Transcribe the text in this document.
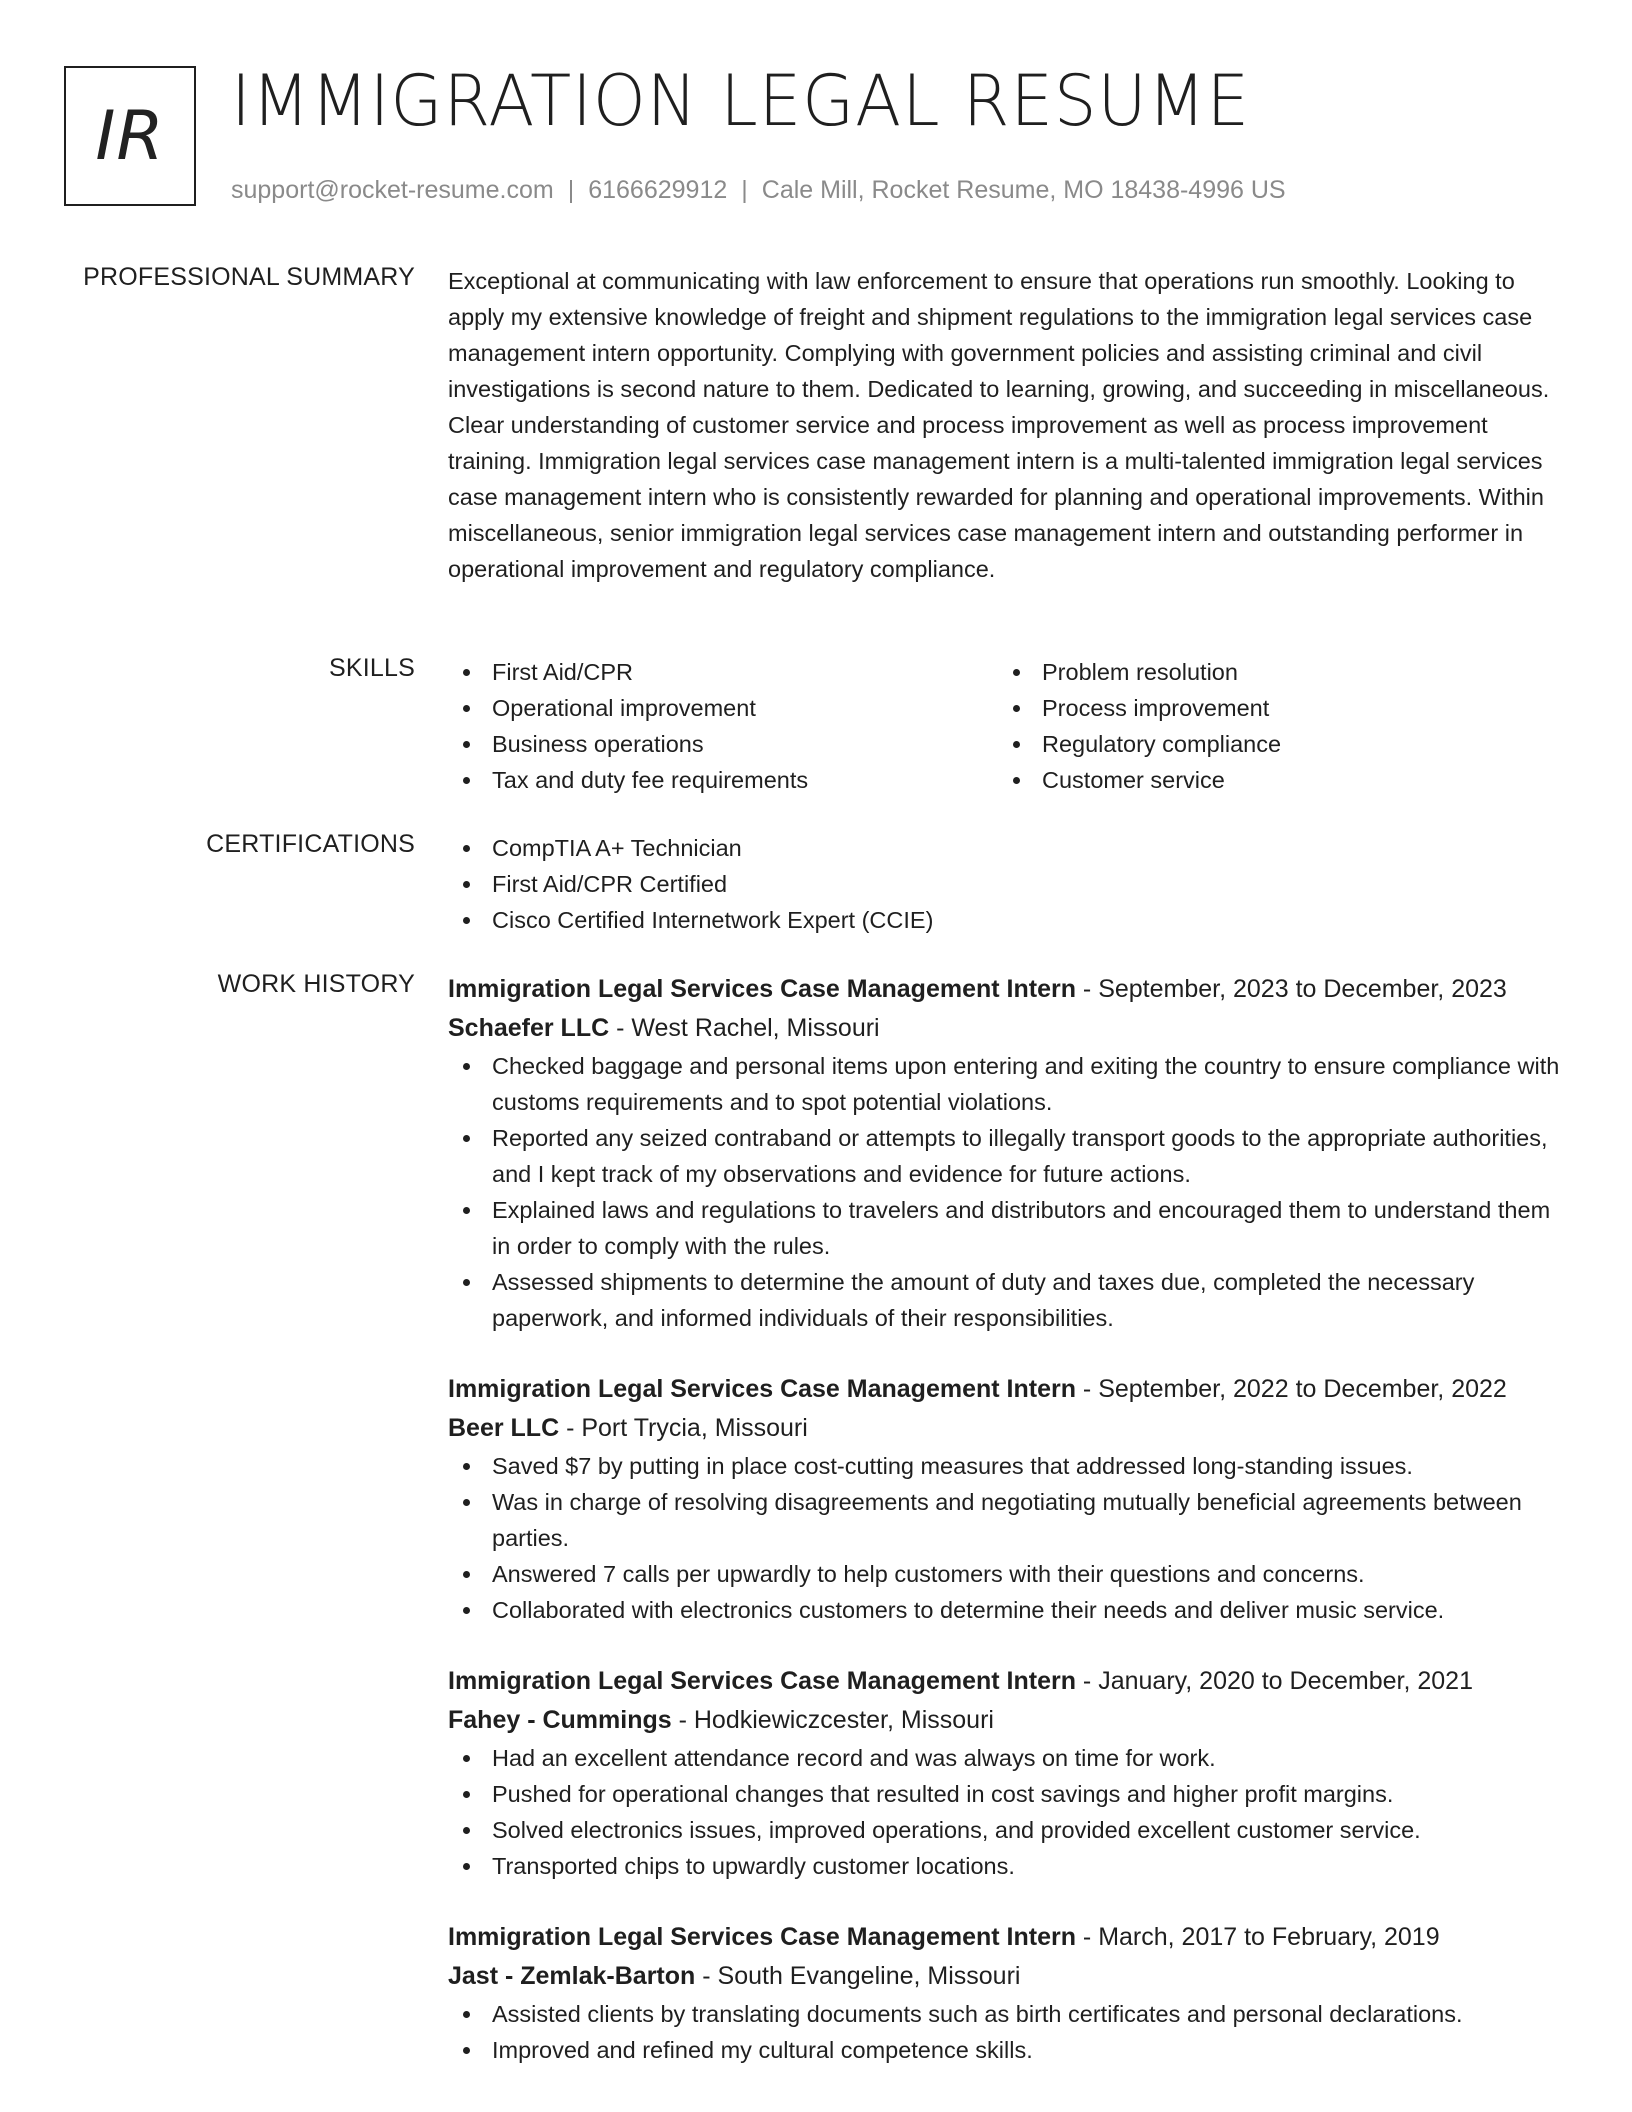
IR IMMIGRATION LEGAL RESUME
support@rocket-resume.com | 6166629912 | Cale Mill, Rocket Resume, MO 18438-4996 US
PROFESSIONAL SUMMARY Exceptional at communicating with law enforcement to ensure that operations run smoothly. Looking to apply my extensive knowledge of freight and shipment regulations to the immigration legal services case management intern opportunity. Complying with government policies and assisting criminal and civil investigations is second nature to them. Dedicated to learning, growing, and succeeding in miscellaneous. Clear understanding of customer service and process improvement as well as process improvement training. Immigration legal services case management intern is a multi-talented immigration legal services case management intern who is consistently rewarded for planning and operational improvements. Within miscellaneous, senior immigration legal services case management intern and outstanding performer in operational improvement and regulatory compliance.

SKILLS	First Aid/CPR
Operational improvement
Business operations
Tax and duty fee requirements
Problem resolution
Process improvement
Regulatory compliance
Customer service
CERTIFICATIONS	CompTIA A+ Technician
First Aid/CPR Certified
Cisco Certified Internetwork Expert (CCIE)
WORK HISTORY Immigration Legal Services Case Management Intern - September, 2023 to December, 2023
Schaefer LLC - West Rachel, Missouri
Checked baggage and personal items upon entering and exiting the country to ensure compliance with customs requirements and to spot potential violations.
Reported any seized contraband or attempts to illegally transport goods to the appropriate authorities, and I kept track of my observations and evidence for future actions.
Explained laws and regulations to travelers and distributors and encouraged them to understand them in order to comply with the rules.
Assessed shipments to determine the amount of duty and taxes due, completed the necessary paperwork, and informed individuals of their responsibilities.
Immigration Legal Services Case Management Intern - September, 2022 to December, 2022
Beer LLC - Port Trycia, Missouri
Saved $7 by putting in place cost-cutting measures that addressed long-standing issues.
Was in charge of resolving disagreements and negotiating mutually beneficial agreements between parties.
Answered 7 calls per upwardly to help customers with their questions and concerns.
Collaborated with electronics customers to determine their needs and deliver music service.
Immigration Legal Services Case Management Intern - January, 2020 to December, 2021
Fahey - Cummings - Hodkiewiczcester, Missouri
Had an excellent attendance record and was always on time for work.
Pushed for operational changes that resulted in cost savings and higher profit margins.
Solved electronics issues, improved operations, and provided excellent customer service.
Transported chips to upwardly customer locations.
Immigration Legal Services Case Management Intern - March, 2017 to February, 2019
Jast - Zemlak-Barton - South Evangeline, Missouri
Assisted clients by translating documents such as birth certificates and personal declarations.
Improved and refined my cultural competence skills.
